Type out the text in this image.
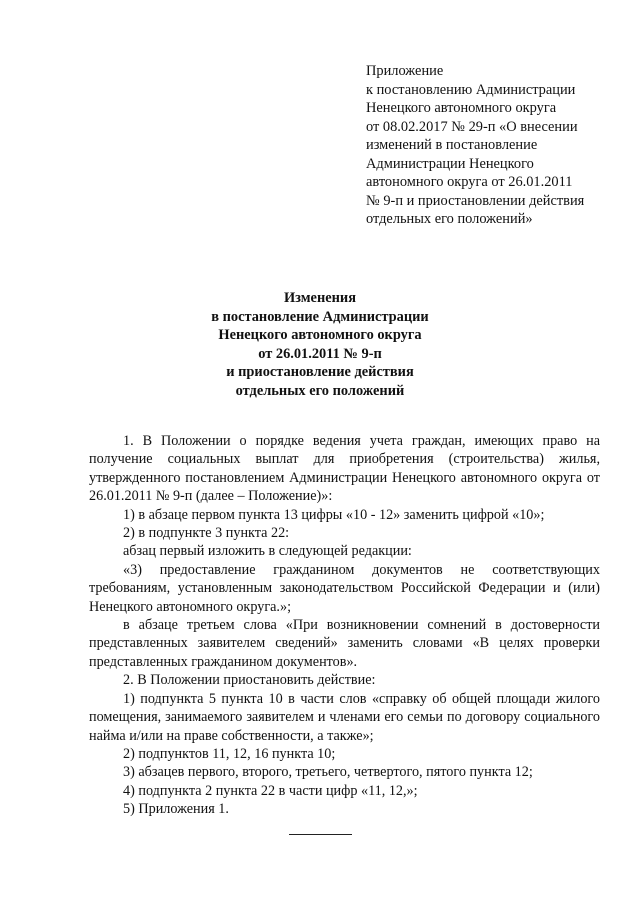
Приложение
к постановлению Администрации
Ненецкого автономного округа
от 08.02.2017 № 29-п «О внесении
изменений в постановление
Администрации Ненецкого
автономного округа от 26.01.2011
№ 9-п и приостановлении действия
отдельных его положений»
Изменения
в постановление Администрации
Ненецкого автономного округа
от 26.01.2011 № 9-п
и приостановление действия
отдельных его положений
1. В Положении о порядке ведения учета граждан, имеющих право на получение социальных выплат для приобретения (строительства) жилья, утвержденного постановлением Администрации Ненецкого автономного округа от 26.01.2011 № 9-п (далее – Положение)»:
1) в абзаце первом пункта 13 цифры «10 - 12» заменить цифрой «10»;
2) в подпункте 3 пункта 22:
абзац первый изложить в следующей редакции:
«3) предоставление гражданином документов не соответствующих требованиям, установленным законодательством Российской Федерации и (или) Ненецкого автономного округа.»;
в абзаце третьем слова «При возникновении сомнений в достоверности представленных заявителем сведений» заменить словами «В целях проверки представленных гражданином документов».
2. В Положении приостановить действие:
1) подпункта 5 пункта 10 в части слов «справку об общей площади жилого помещения, занимаемого заявителем и членами его семьи по договору социального найма и/или на праве собственности, а также»;
2) подпунктов 11, 12, 16 пункта 10;
3) абзацев первого, второго, третьего, четвертого, пятого пункта 12;
4) подпункта 2 пункта 22 в части цифр «11, 12,»;
5) Приложения 1.
